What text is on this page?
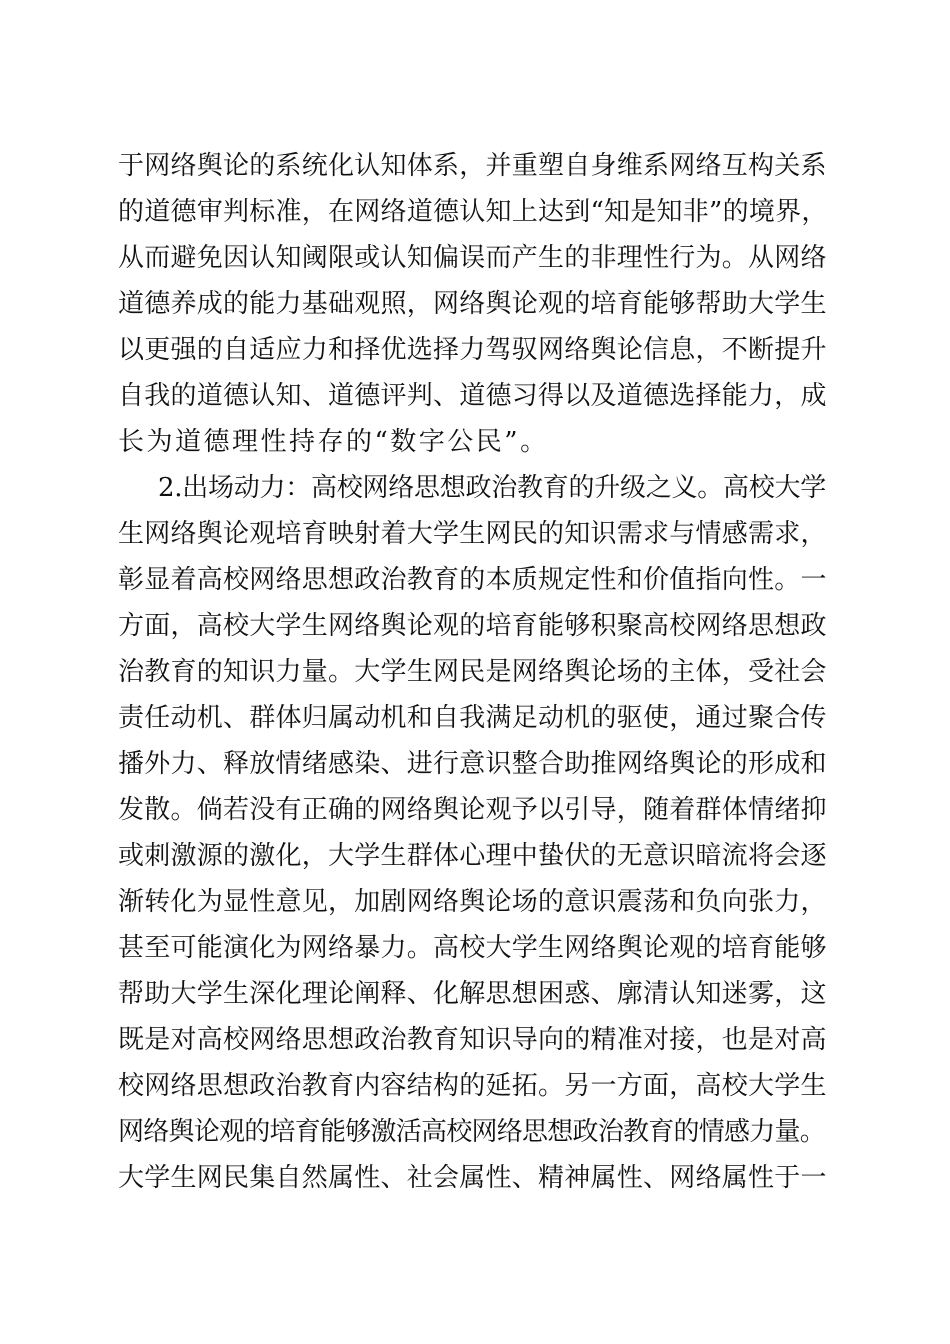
于网络舆论的系统化认知体系，并重塑自身维系网络互构关系
的道德审判标准，在网络道德认知上达到“知是知非”的境界，
从而避免因认知阈限或认知偏误而产生的非理性行为。从网络
道德养成的能力基础观照，网络舆论观的培育能够帮助大学生
以更强的自适应力和择优选择力驾驭网络舆论信息，不断提升
自我的道德认知、道德评判、道德习得以及道德选择能力，成
长为道德理性持存的“数字公民”。
2.出场动力：高校网络思想政治教育的升级之义。高校大学
生网络舆论观培育映射着大学生网民的知识需求与情感需求，
彰显着高校网络思想政治教育的本质规定性和价值指向性。一
方面，高校大学生网络舆论观的培育能够积聚高校网络思想政
治教育的知识力量。大学生网民是网络舆论场的主体，受社会
责任动机、群体归属动机和自我满足动机的驱使，通过聚合传
播外力、释放情绪感染、进行意识整合助推网络舆论的形成和
发散。倘若没有正确的网络舆论观予以引导，随着群体情绪抑
或刺激源的激化，大学生群体心理中蛰伏的无意识暗流将会逐
渐转化为显性意见，加剧网络舆论场的意识震荡和负向张力，
甚至可能演化为网络暴力。高校大学生网络舆论观的培育能够
帮助大学生深化理论阐释、化解思想困惑、廓清认知迷雾，这
既是对高校网络思想政治教育知识导向的精准对接，也是对高
校网络思想政治教育内容结构的延拓。另一方面，高校大学生
网络舆论观的培育能够激活高校网络思想政治教育的情感力量。
大学生网民集自然属性、社会属性、精神属性、网络属性于一
